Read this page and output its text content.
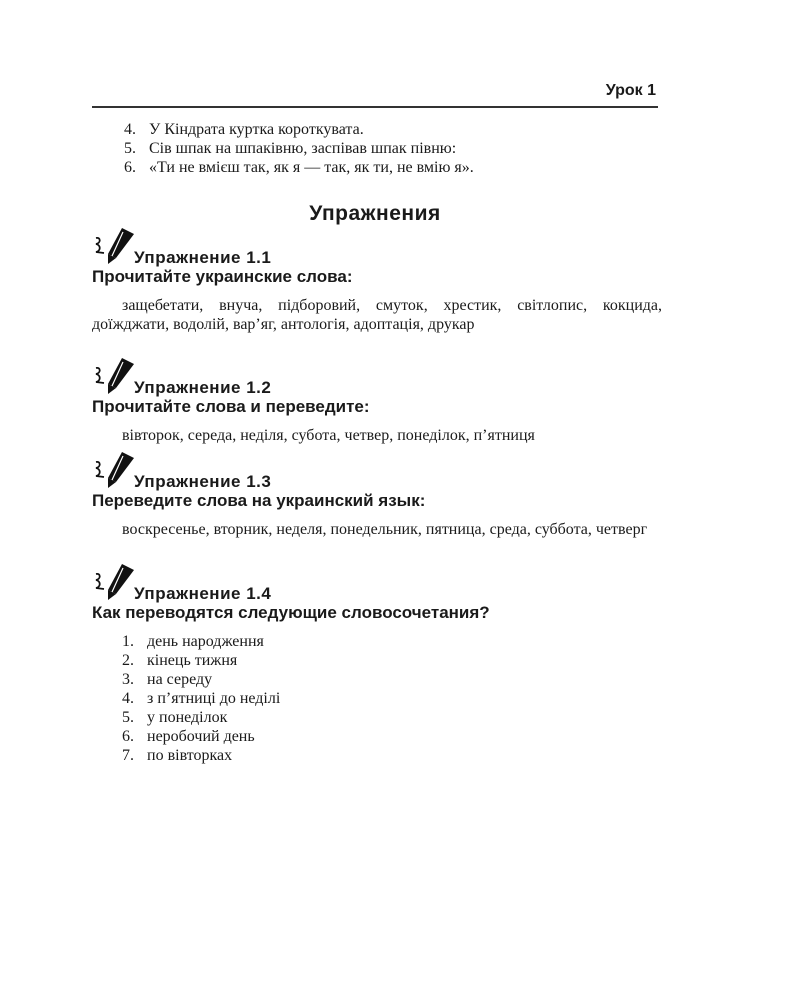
Урок 1
4. У Кіндрата куртка короткувата.
5. Сів шпак на шпаківню, заспівав шпак півню:
6. «Ти не вмієш так, як я — так, як ти, не вмію я».
Упражнения
Упражнение 1.1
Прочитайте украинские слова:
защебетати, внуча, підборовий, смуток, хрестик, світлопис, кокцида, доїжджати, водолій, вар’яг, антологія, адоптація, друкар
Упражнение 1.2
Прочитайте слова и переведите:
вівторок, середа, неділя, субота, четвер, понеділок, п’ятниця
Упражнение 1.3
Переведите слова на украинский язык:
воскресенье, вторник, неделя, понедельник, пятница, среда, суббота, четверг
Упражнение 1.4
Как переводятся следующие словосочетания?
1. день народження
2. кінець тижня
3. на середу
4. з п’ятниці до неділі
5. у понеділок
6. неробочий день
7. по вівторках
